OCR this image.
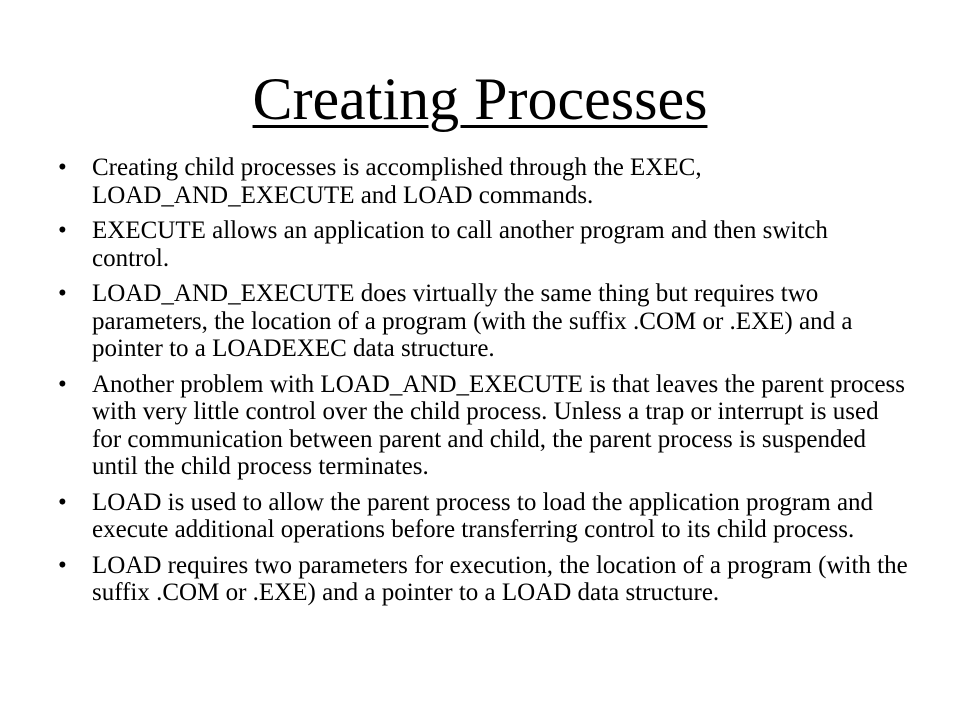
Creating Processes
•	Creating child processes is accomplished through the EXEC, LOAD_AND_EXECUTE and LOAD commands.
•	EXECUTE allows an application to call another program and then switch control.
•	LOAD_AND_EXECUTE does virtually the same thing but requires two parameters, the location of a program (with the suffix .COM or .EXE) and a pointer to a LOADEXEC data structure.
•	Another problem with LOAD_AND_EXECUTE is that leaves the parent process with very little control over the child process. Unless a trap or interrupt is used for communication between parent and child, the parent process is suspended until the child process terminates.
•	LOAD is used to allow the parent process to load the application program and execute additional operations before transferring control to its child process.
•	LOAD requires two parameters for execution, the location of a program (with the suffix .COM or .EXE) and a pointer to a LOAD data structure.
